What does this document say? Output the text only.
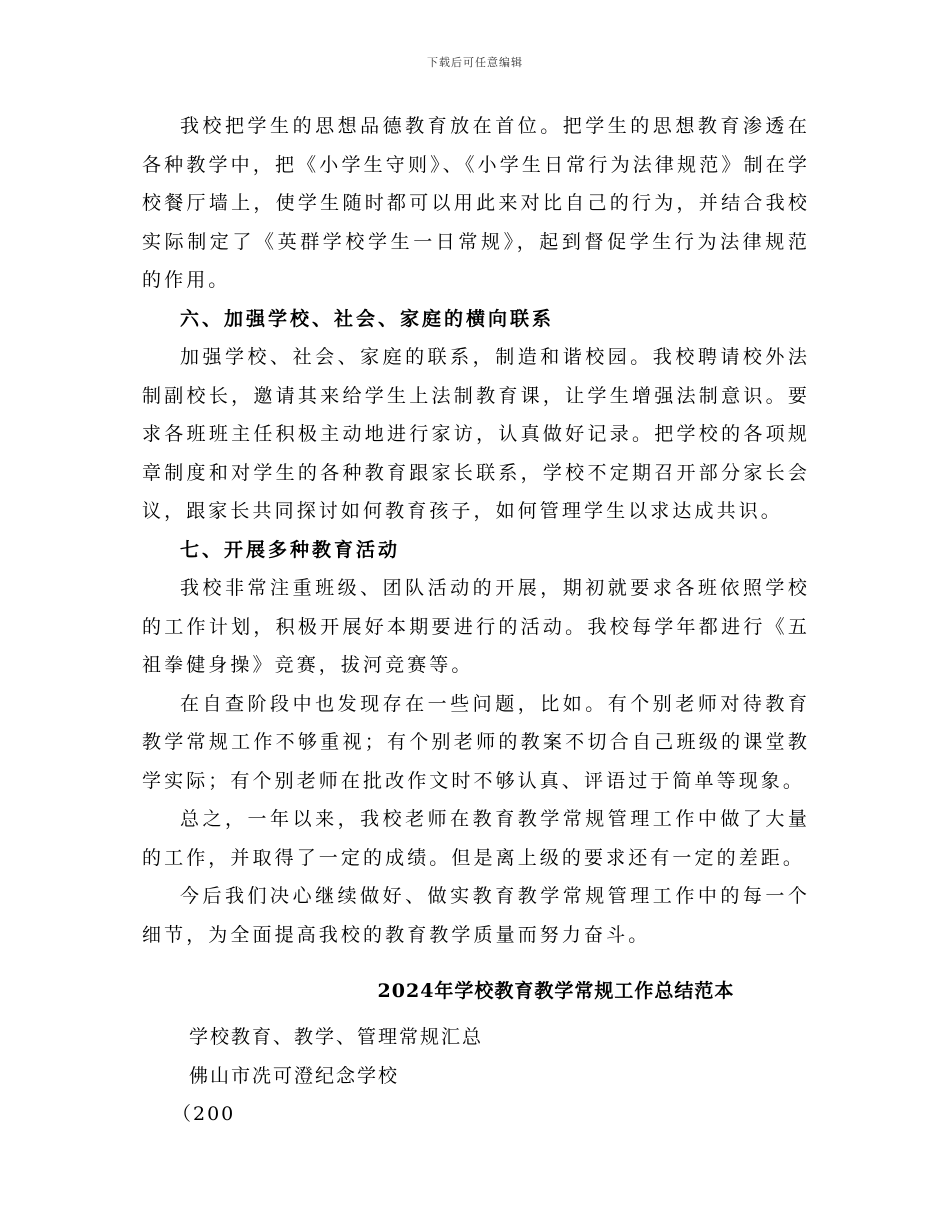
下载后可任意编辑

我校把学生的思想品德教育放在首位。把学生的思想教育渗透在各种教学中，把《小学生守则》、《小学生日常行为法律规范》制在学校餐厅墙上，使学生随时都可以用此来对比自己的行为，并结合我校实际制定了《英群学校学生一日常规》，起到督促学生行为法律规范的作用。

六、加强学校、社会、家庭的横向联系

加强学校、社会、家庭的联系，制造和谐校园。我校聘请校外法制副校长，邀请其来给学生上法制教育课，让学生增强法制意识。要求各班班主任积极主动地进行家访，认真做好记录。把学校的各项规章制度和对学生的各种教育跟家长联系，学校不定期召开部分家长会议，跟家长共同探讨如何教育孩子，如何管理学生以求达成共识。

七、开展多种教育活动

我校非常注重班级、团队活动的开展，期初就要求各班依照学校的工作计划，积极开展好本期要进行的活动。我校每学年都进行《五祖拳健身操》竞赛，拔河竞赛等。

在自查阶段中也发现存在一些问题，比如。有个别老师对待教育教学常规工作不够重视；有个别老师的教案不切合自己班级的课堂教学实际；有个别老师在批改作文时不够认真、评语过于简单等现象。

总之，一年以来，我校老师在教育教学常规管理工作中做了大量的工作，并取得了一定的成绩。但是离上级的要求还有一定的差距。

今后我们决心继续做好、做实教育教学常规管理工作中的每一个细节，为全面提高我校的教育教学质量而努力奋斗。

2024年学校教育教学常规工作总结范本

学校教育、教学、管理常规汇总

佛山市冼可澄纪念学校

（200
